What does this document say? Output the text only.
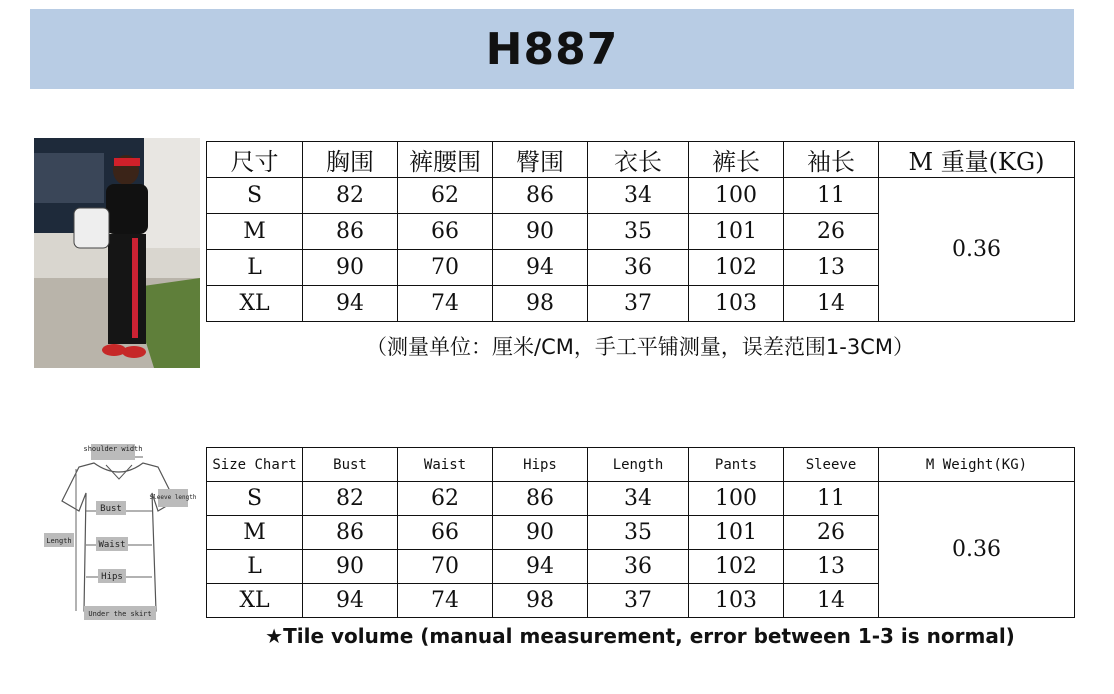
H887
尺寸	胸围	裤腰围	臀围	衣长	裤长	袖长	M 重量(KG)
S	82	62	86	34	100	11	0.36
M	86	66	90	35	101	26	
L	90	70	94	36	102	13	
XL	94	74	98	37	103	14	
（测量单位：厘米/CM，手工平铺测量，误差范围1-3CM）
shoulder width
Sleeve length
Bust
Waist
Hips
Length
Under the skirt
Size Chart	Bust	Waist	Hips	Length	Pants	Sleeve	M Weight(KG)
S	82	62	86	34	100	11	0.36
M	86	66	90	35	101	26	
L	90	70	94	36	102	13	
XL	94	74	98	37	103	14	
★Tile volume (manual measurement, error between 1-3 is normal)
